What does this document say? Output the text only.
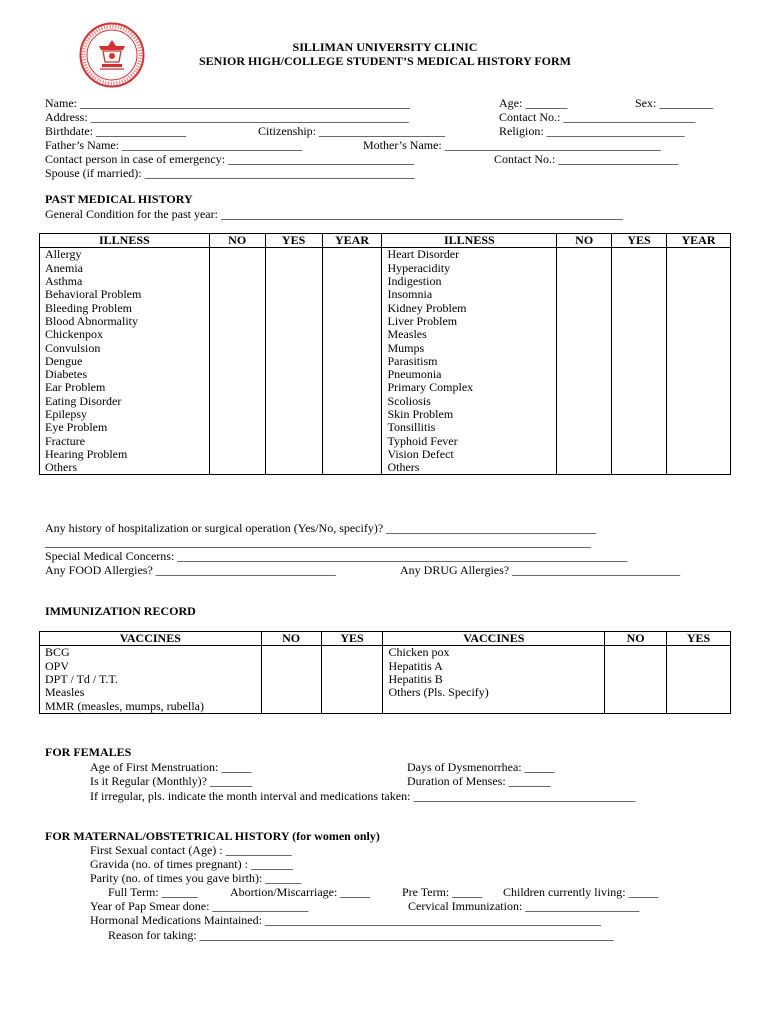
SILLIMAN UNIVERSITY CLINIC
SENIOR HIGH/COLLEGE STUDENT’S MEDICAL HISTORY FORM
Name: _______________________________________________________	Age: _______	Sex: _________
Address: _____________________________________________________	Contact No.: ______________________
Birthdate: _______________	Citizenship: _____________________	Religion: _______________________
Father’s Name: ______________________________	Mother’s Name: ____________________________________
Contact person in case of emergency: _______________________________	Contact No.: ____________________
Spouse (if married): _____________________________________________
PAST MEDICAL HISTORY
General Condition for the past year: ___________________________________________________________________
ILLNESS	NO	YES	YEAR	ILLNESS	NO	YES	YEAR
Allergy				Heart Disorder			
Anemia				Hyperacidity			
Asthma				Indigestion			
Behavioral Problem				Insomnia			
Bleeding Problem				Kidney Problem			
Blood Abnormality				Liver Problem			
Chickenpox				Measles			
Convulsion				Mumps			
Dengue				Parasitism			
Diabetes				Pneumonia			
Ear Problem				Primary Complex			
Eating Disorder				Scoliosis			
Epilepsy				Skin Problem			
Eye Problem				Tonsillitis			
Fracture				Typhoid Fever			
Hearing Problem				Vision Defect			
Others				Others			
Any history of hospitalization or surgical operation (Yes/No, specify)? ___________________________________
___________________________________________________________________________________________
Special Medical Concerns: ___________________________________________________________________________
Any FOOD Allergies? ______________________________	Any DRUG Allergies? ____________________________
IMMUNIZATION RECORD
VACCINES	NO	YES	VACCINES	NO	YES
BCG			Chicken pox		
OPV			Hepatitis A		
DPT / Td / T.T.			Hepatitis B		
Measles			Others (Pls. Specify)		
MMR (measles, mumps, rubella)					
FOR FEMALES
Age of First Menstruation: _____	Days of Dysmenorrhea: _____
Is it Regular (Monthly)? _______	Duration of Menses: _______
If irregular, pls. indicate the month interval and medications taken: _____________________________________
FOR MATERNAL/OBSTETRICAL HISTORY (for women only)
First Sexual contact (Age) : ___________
Gravida (no. of times pregnant) : _______
Parity (no. of times you gave birth): ______
Full Term: ______	Abortion/Miscarriage: _____	Pre Term: _____ Children currently living: _____
Year of Pap Smear done: ________________	Cervical Immunization: ___________________
Hormonal Medications Maintained: ________________________________________________________
Reason for taking: _____________________________________________________________________
